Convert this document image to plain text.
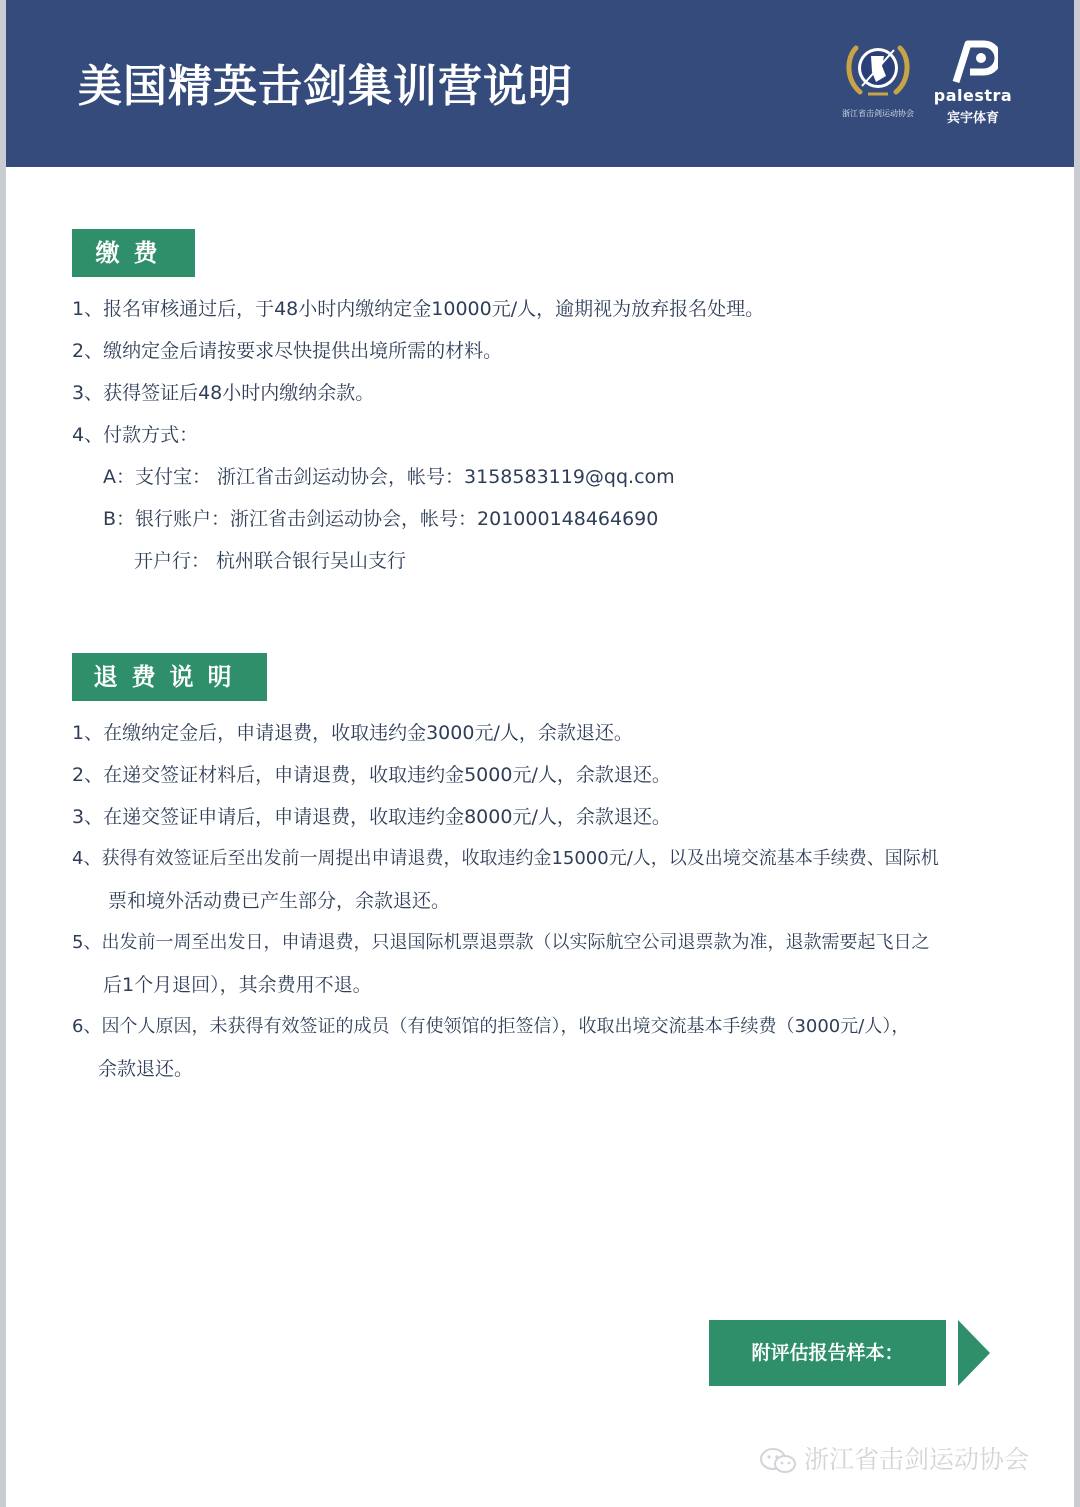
美国精英击剑集训营说明
浙江省击剑运动协会
palestra
宾宇体育
缴费
1、报名审核通过后，于48小时内缴纳定金10000元/人，逾期视为放弃报名处理。
2、缴纳定金后请按要求尽快提供出境所需的材料。
3、获得签证后48小时内缴纳余款。
4、付款方式：
A：支付宝： 浙江省击剑运动协会，帐号：3158583119@qq.com
B：银行账户：浙江省击剑运动协会，帐号：201000148464690
开户行： 杭州联合银行吴山支行
退费说明
1、在缴纳定金后，申请退费，收取违约金3000元/人，余款退还。
2、在递交签证材料后，申请退费，收取违约金5000元/人，余款退还。
3、在递交签证申请后，申请退费，收取违约金8000元/人，余款退还。
4、获得有效签证后至出发前一周提出申请退费，收取违约金15000元/人，以及出境交流基本手续费、国际机
票和境外活动费已产生部分，余款退还。
5、出发前一周至出发日，申请退费，只退国际机票退票款（以实际航空公司退票款为准，退款需要起飞日之
后1个月退回），其余费用不退。
6、因个人原因，未获得有效签证的成员（有使领馆的拒签信），收取出境交流基本手续费（3000元/人），
余款退还。
附评估报告样本：
浙江省击剑运动协会
